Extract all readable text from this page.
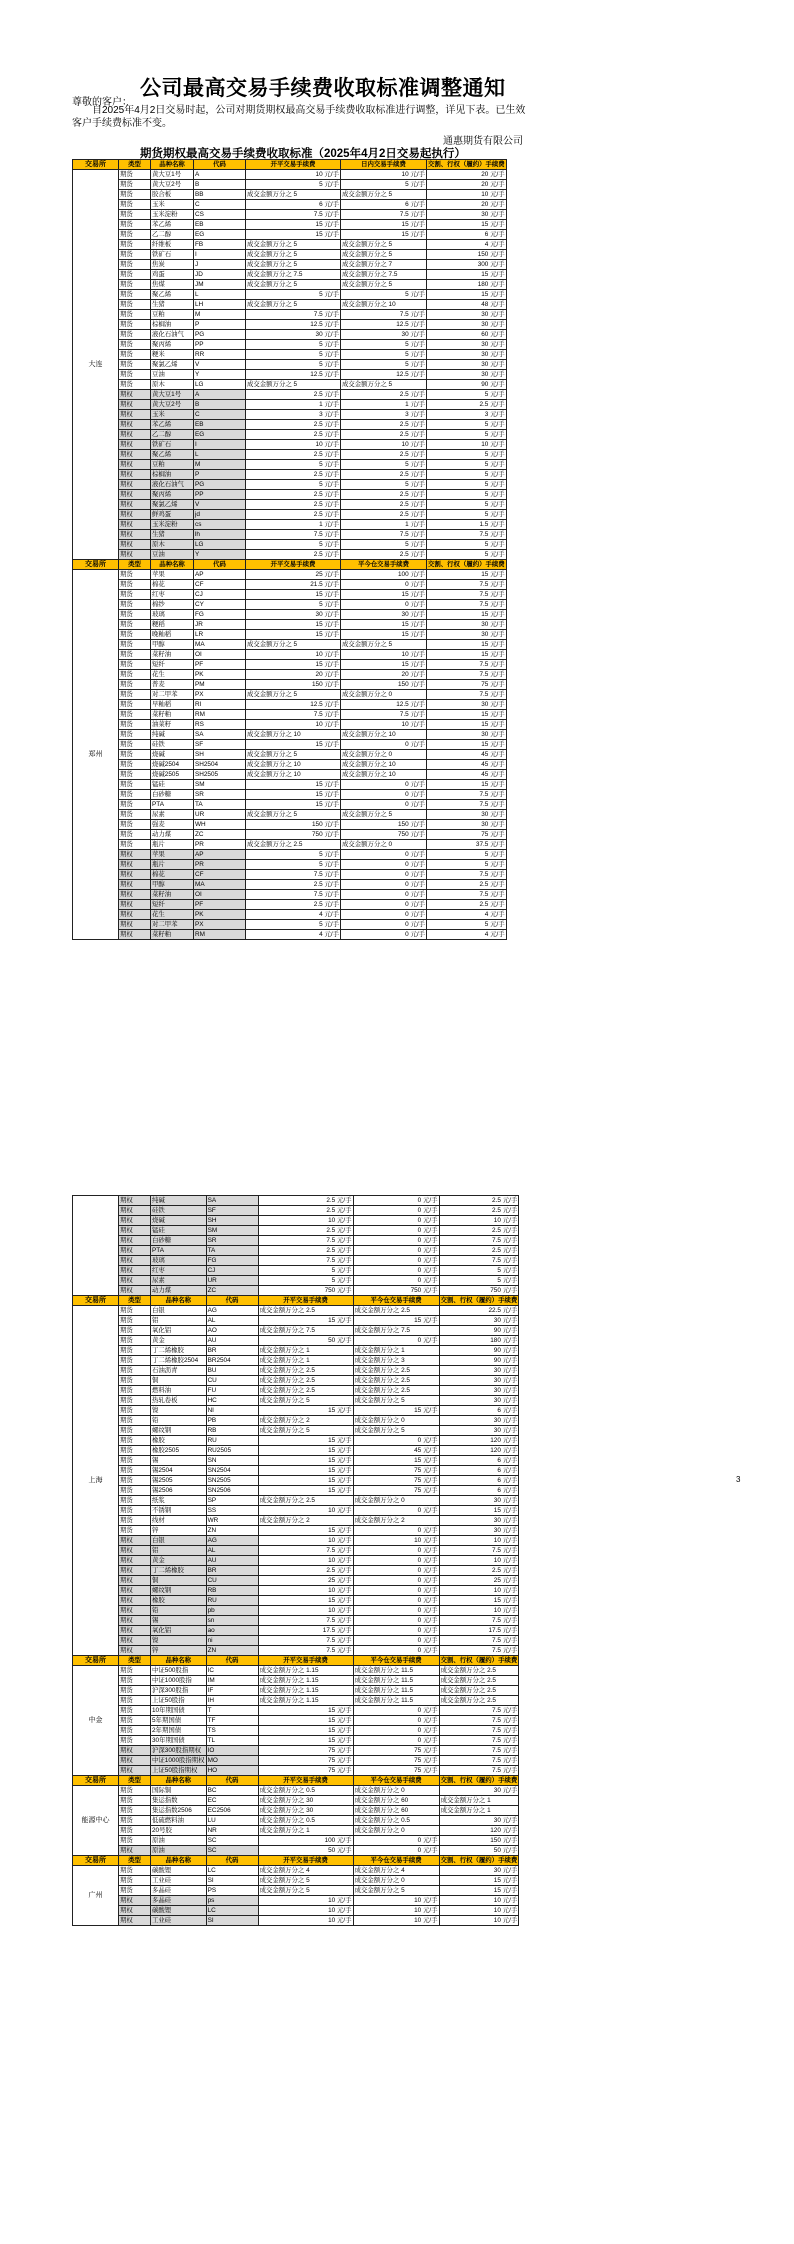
公司最高交易手续费收取标准调整通知
尊敬的客户：
自2025年4月2日交易时起，公司对期货期权最高交易手续费收取标准进行调整，详见下表。已生效客户手续费标准不变。
通惠期货有限公司
期货期权最高交易手续费收取标准（2025年4月2日交易起执行）
交易所	类型	品种名称	代码	开平交易手续费	日内交易手续费	交割、行权（履约）手续费
大连	期货	黄大豆1号	A	10 元/手	10 元/手	20 元/手
	期货	黄大豆2号	B	5 元/手	5 元/手	20 元/手
	期货	胶合板	BB	成交金额万分之 5	成交金额万分之 5	10 元/手
	期货	玉米	C	6 元/手	6 元/手	20 元/手
	期货	玉米淀粉	CS	7.5 元/手	7.5 元/手	30 元/手
	期货	苯乙烯	EB	15 元/手	15 元/手	15 元/手
	期货	乙二醇	EG	15 元/手	15 元/手	6 元/手
	期货	纤维板	FB	成交金额万分之 5	成交金额万分之 5	4 元/手
	期货	铁矿石	I	成交金额万分之 5	成交金额万分之 5	150 元/手
	期货	焦炭	J	成交金额万分之 5	成交金额万分之 7	300 元/手
	期货	鸡蛋	JD	成交金额万分之 7.5	成交金额万分之 7.5	15 元/手
	期货	焦煤	JM	成交金额万分之 5	成交金额万分之 5	180 元/手
	期货	聚乙烯	L	5 元/手	5 元/手	15 元/手
	期货	生猪	LH	成交金额万分之 5	成交金额万分之 10	48 元/手
	期货	豆粕	M	7.5 元/手	7.5 元/手	30 元/手
	期货	棕榈油	P	12.5 元/手	12.5 元/手	30 元/手
	期货	液化石油气	PG	30 元/手	30 元/手	60 元/手
	期货	聚丙烯	PP	5 元/手	5 元/手	30 元/手
	期货	粳米	RR	5 元/手	5 元/手	30 元/手
	期货	聚氯乙烯	V	5 元/手	5 元/手	30 元/手
	期货	豆油	Y	12.5 元/手	12.5 元/手	30 元/手
	期货	原木	LG	成交金额万分之 5	成交金额万分之 5	90 元/手
	期权	黄大豆1号	A	2.5 元/手	2.5 元/手	5 元/手
	期权	黄大豆2号	B	1 元/手	1 元/手	2.5 元/手
	期权	玉米	C	3 元/手	3 元/手	3 元/手
	期权	苯乙烯	EB	2.5 元/手	2.5 元/手	5 元/手
	期权	乙二醇	EG	2.5 元/手	2.5 元/手	5 元/手
	期权	铁矿石	I	10 元/手	10 元/手	10 元/手
	期权	聚乙烯	L	2.5 元/手	2.5 元/手	5 元/手
	期权	豆粕	M	5 元/手	5 元/手	5 元/手
	期权	棕榈油	P	2.5 元/手	2.5 元/手	5 元/手
	期权	液化石油气	PG	5 元/手	5 元/手	5 元/手
	期权	聚丙烯	PP	2.5 元/手	2.5 元/手	5 元/手
	期权	聚氯乙烯	V	2.5 元/手	2.5 元/手	5 元/手
	期权	鲜鸡蛋	jd	2.5 元/手	2.5 元/手	5 元/手
	期权	玉米淀粉	cs	1 元/手	1 元/手	1.5 元/手
	期权	生猪	lh	7.5 元/手	7.5 元/手	7.5 元/手
	期权	原木	LG	5 元/手	5 元/手	5 元/手
	期权	豆油	Y	2.5 元/手	2.5 元/手	5 元/手
交易所	类型	品种名称	代码	开平交易手续费	平今仓交易手续费	交割、行权（履约）手续费
郑州	期货	苹果	AP	25 元/手	100 元/手	15 元/手
	期货	棉花	CF	21.5 元/手	0 元/手	7.5 元/手
	期货	红枣	CJ	15 元/手	15 元/手	7.5 元/手
	期货	棉纱	CY	5 元/手	0 元/手	7.5 元/手
	期货	玻璃	FG	30 元/手	30 元/手	15 元/手
	期货	粳稻	JR	15 元/手	15 元/手	30 元/手
	期货	晚籼稻	LR	15 元/手	15 元/手	30 元/手
	期货	甲醇	MA	成交金额万分之 5	成交金额万分之 5	15 元/手
	期货	菜籽油	OI	10 元/手	10 元/手	15 元/手
	期货	短纤	PF	15 元/手	15 元/手	7.5 元/手
	期货	花生	PK	20 元/手	20 元/手	7.5 元/手
	期货	普麦	PM	150 元/手	150 元/手	75 元/手
	期货	对二甲苯	PX	成交金额万分之 5	成交金额万分之 0	7.5 元/手
	期货	早籼稻	RI	12.5 元/手	12.5 元/手	30 元/手
	期货	菜籽粕	RM	7.5 元/手	7.5 元/手	15 元/手
	期货	油菜籽	RS	10 元/手	10 元/手	15 元/手
	期货	纯碱	SA	成交金额万分之 10	成交金额万分之 10	30 元/手
	期货	硅铁	SF	15 元/手	0 元/手	15 元/手
	期货	烧碱	SH	成交金额万分之 5	成交金额万分之 0	45 元/手
	期货	烧碱2504	SH2504	成交金额万分之 10	成交金额万分之 10	45 元/手
	期货	烧碱2505	SH2505	成交金额万分之 10	成交金额万分之 10	45 元/手
	期货	锰硅	SM	15 元/手	0 元/手	15 元/手
	期货	白砂糖	SR	15 元/手	0 元/手	7.5 元/手
	期货	PTA	TA	15 元/手	0 元/手	7.5 元/手
	期货	尿素	UR	成交金额万分之 5	成交金额万分之 5	30 元/手
	期货	强麦	WH	150 元/手	150 元/手	30 元/手
	期货	动力煤	ZC	750 元/手	750 元/手	75 元/手
	期货	瓶片	PR	成交金额万分之 2.5	成交金额万分之 0	37.5 元/手
	期权	苹果	AP	5 元/手	0 元/手	5 元/手
	期权	瓶片	PR	5 元/手	0 元/手	5 元/手
	期权	棉花	CF	7.5 元/手	0 元/手	7.5 元/手
	期权	甲醇	MA	2.5 元/手	0 元/手	2.5 元/手
	期权	菜籽油	OI	7.5 元/手	0 元/手	7.5 元/手
	期权	短纤	PF	2.5 元/手	0 元/手	2.5 元/手
	期权	花生	PK	4 元/手	0 元/手	4 元/手
	期权	对二甲苯	PX	5 元/手	0 元/手	5 元/手
	期权	菜籽粕	RM	4 元/手	0 元/手	4 元/手
	期权	纯碱	SA	2.5 元/手	0 元/手	2.5 元/手
	期权	硅铁	SF	2.5 元/手	0 元/手	2.5 元/手
	期权	烧碱	SH	10 元/手	0 元/手	10 元/手
	期权	锰硅	SM	2.5 元/手	0 元/手	2.5 元/手
	期权	白砂糖	SR	7.5 元/手	0 元/手	7.5 元/手
	期权	PTA	TA	2.5 元/手	0 元/手	2.5 元/手
	期权	玻璃	FG	7.5 元/手	0 元/手	7.5 元/手
	期权	红枣	CJ	5 元/手	0 元/手	5 元/手
	期权	尿素	UR	5 元/手	0 元/手	5 元/手
	期权	动力煤	ZC	750 元/手	750 元/手	750 元/手
交易所	类型	品种名称	代码	开平交易手续费	平今仓交易手续费	交割、行权（履约）手续费
上海	期货	白银	AG	成交金额万分之 2.5	成交金额万分之 2.5	22.5 元/手
	期货	铝	AL	15 元/手	15 元/手	30 元/手
	期货	氧化铝	AO	成交金额万分之 7.5	成交金额万分之 7.5	90 元/手
	期货	黄金	AU	50 元/手	0 元/手	180 元/手
	期货	丁二烯橡胶	BR	成交金额万分之 1	成交金额万分之 1	90 元/手
	期货	丁二烯橡胶2504	BR2504	成交金额万分之 1	成交金额万分之 3	90 元/手
	期货	石油沥青	BU	成交金额万分之 2.5	成交金额万分之 2.5	30 元/手
	期货	铜	CU	成交金额万分之 2.5	成交金额万分之 2.5	30 元/手
	期货	燃料油	FU	成交金额万分之 2.5	成交金额万分之 2.5	30 元/手
	期货	热轧卷板	HC	成交金额万分之 5	成交金额万分之 5	30 元/手
	期货	镍	NI	15 元/手	15 元/手	6 元/手
	期货	铅	PB	成交金额万分之 2	成交金额万分之 0	30 元/手
	期货	螺纹钢	RB	成交金额万分之 5	成交金额万分之 5	30 元/手
	期货	橡胶	RU	15 元/手	0 元/手	120 元/手
	期货	橡胶2505	RU2505	15 元/手	45 元/手	120 元/手
	期货	锡	SN	15 元/手	15 元/手	6 元/手
	期货	锡2504	SN2504	15 元/手	75 元/手	6 元/手
	期货	锡2505	SN2505	15 元/手	75 元/手	6 元/手
	期货	锡2506	SN2506	15 元/手	75 元/手	6 元/手
	期货	纸浆	SP	成交金额万分之 2.5	成交金额万分之 0	30 元/手
	期货	不锈钢	SS	10 元/手	0 元/手	15 元/手
	期货	线材	WR	成交金额万分之 2	成交金额万分之 2	30 元/手
	期货	锌	ZN	15 元/手	0 元/手	30 元/手
	期权	白银	AG	10 元/手	10 元/手	10 元/手
	期权	铝	AL	7.5 元/手	0 元/手	7.5 元/手
	期权	黄金	AU	10 元/手	0 元/手	10 元/手
	期权	丁二烯橡胶	BR	2.5 元/手	0 元/手	2.5 元/手
	期权	铜	CU	25 元/手	0 元/手	25 元/手
	期权	螺纹钢	RB	10 元/手	0 元/手	10 元/手
	期权	橡胶	RU	15 元/手	0 元/手	15 元/手
	期权	铅	pb	10 元/手	0 元/手	10 元/手
	期权	锡	sn	7.5 元/手	0 元/手	7.5 元/手
	期权	氧化铝	ao	17.5 元/手	0 元/手	17.5 元/手
	期权	镍	ni	7.5 元/手	0 元/手	7.5 元/手
	期权	锌	ZN	7.5 元/手	0 元/手	7.5 元/手
交易所	类型	品种名称	代码	开平交易手续费	平今仓交易手续费	交割、行权（履约）手续费
中金	期货	中证500股指	IC	成交金额万分之 1.15	成交金额万分之 11.5	成交金额万分之 2.5
	期货	中证1000股指	IM	成交金额万分之 1.15	成交金额万分之 11.5	成交金额万分之 2.5
	期货	沪深300股指	IF	成交金额万分之 1.15	成交金额万分之 11.5	成交金额万分之 2.5
	期货	上证50股指	IH	成交金额万分之 1.15	成交金额万分之 11.5	成交金额万分之 2.5
	期货	10年期国债	T	15 元/手	0 元/手	7.5 元/手
	期货	5年期国债	TF	15 元/手	0 元/手	7.5 元/手
	期货	2年期国债	TS	15 元/手	0 元/手	7.5 元/手
	期货	30年期国债	TL	15 元/手	0 元/手	7.5 元/手
	期权	沪深300股指期权	IO	75 元/手	75 元/手	7.5 元/手
	期权	中证1000股指期权	MO	75 元/手	75 元/手	7.5 元/手
	期权	上证50股指期权	HO	75 元/手	75 元/手	7.5 元/手
交易所	类型	品种名称	代码	开平交易手续费	平今仓交易手续费	交割、行权（履约）手续费
能源中心	期货	国际铜	BC	成交金额万分之 0.5	成交金额万分之 0	30 元/手
	期货	集运指数	EC	成交金额万分之 30	成交金额万分之 60	成交金额万分之 1
	期货	集运指数2506	EC2506	成交金额万分之 30	成交金额万分之 60	成交金额万分之 1
	期货	低硫燃料油	LU	成交金额万分之 0.5	成交金额万分之 0.5	30 元/手
	期货	20号胶	NR	成交金额万分之 1	成交金额万分之 0	120 元/手
	期货	原油	SC	100 元/手	0 元/手	150 元/手
	期权	原油	SC	50 元/手	0 元/手	50 元/手
交易所	类型	品种名称	代码	开平交易手续费	平今仓交易手续费	交割、行权（履约）手续费
广州	期货	碳酸锂	LC	成交金额万分之 4	成交金额万分之 4	30 元/手
	期货	工业硅	SI	成交金额万分之 5	成交金额万分之 0	15 元/手
	期货	多晶硅	PS	成交金额万分之 5	成交金额万分之 5	15 元/手
	期权	多晶硅	ps	10 元/手	10 元/手	10 元/手
	期权	碳酸锂	LC	10 元/手	10 元/手	10 元/手
	期权	工业硅	SI	10 元/手	10 元/手	10 元/手
3
